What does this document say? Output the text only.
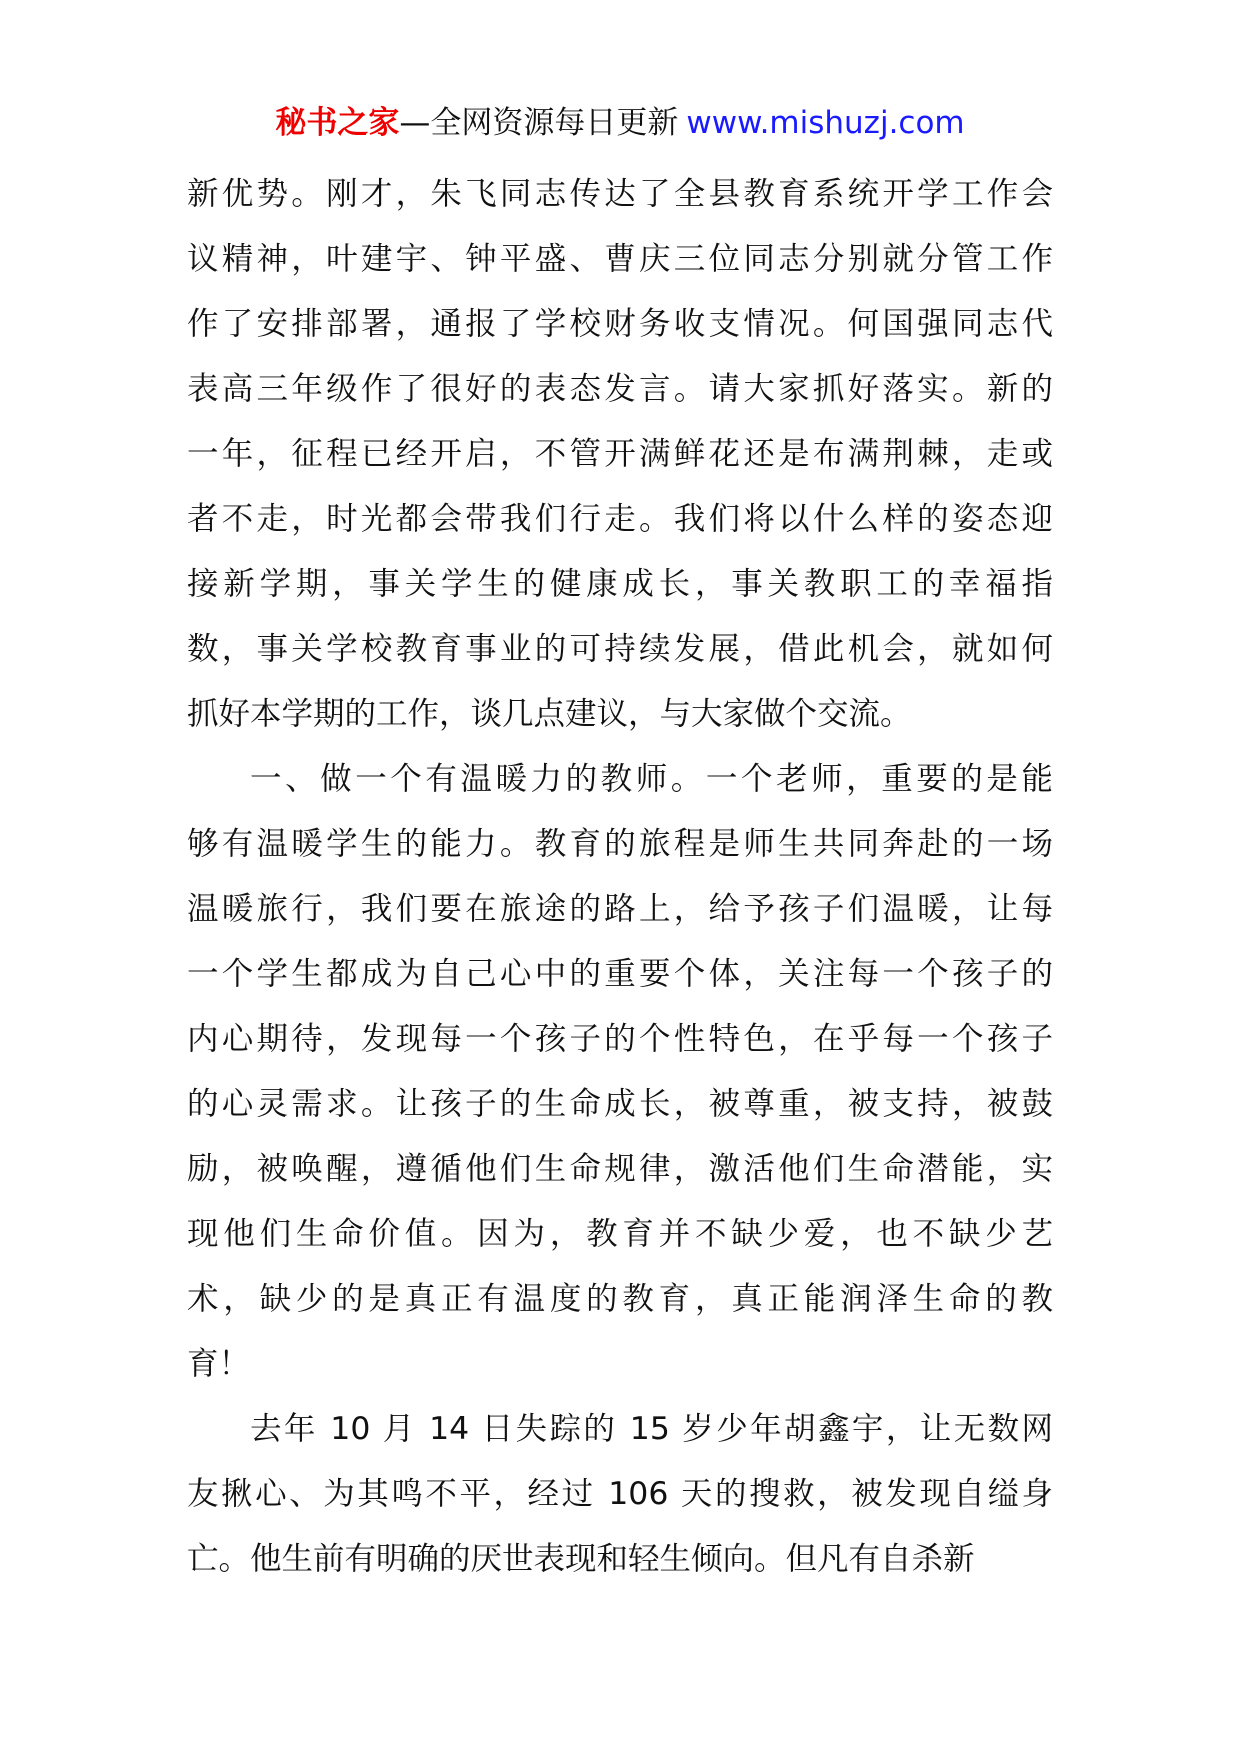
秘书之家—全网资源每日更新 www.mishuzj.com
新优势。刚才，朱飞同志传达了全县教育系统开学工作会
议精神，叶建宇、钟平盛、曹庆三位同志分别就分管工作
作了安排部署，通报了学校财务收支情况。何国强同志代
表高三年级作了很好的表态发言。请大家抓好落实。新的
一年，征程已经开启，不管开满鲜花还是布满荆棘，走或
者不走，时光都会带我们行走。我们将以什么样的姿态迎
接新学期，事关学生的健康成长，事关教职工的幸福指
数，事关学校教育事业的可持续发展，借此机会，就如何
抓好本学期的工作，谈几点建议，与大家做个交流。
一、做一个有温暖力的教师。一个老师，重要的是能
够有温暖学生的能力。教育的旅程是师生共同奔赴的一场
温暖旅行，我们要在旅途的路上，给予孩子们温暖，让每
一个学生都成为自己心中的重要个体，关注每一个孩子的
内心期待，发现每一个孩子的个性特色，在乎每一个孩子
的心灵需求。让孩子的生命成长，被尊重，被支持，被鼓
励，被唤醒，遵循他们生命规律，激活他们生命潜能，实
现他们生命价值。因为，教育并不缺少爱，也不缺少艺
术，缺少的是真正有温度的教育，真正能润泽生命的教
育！
去年 10 月 14 日失踪的 15 岁少年胡鑫宇，让无数网
友揪心、为其鸣不平，经过 106 天的搜救，被发现自缢身
亡。他生前有明确的厌世表现和轻生倾向。但凡有自杀新
